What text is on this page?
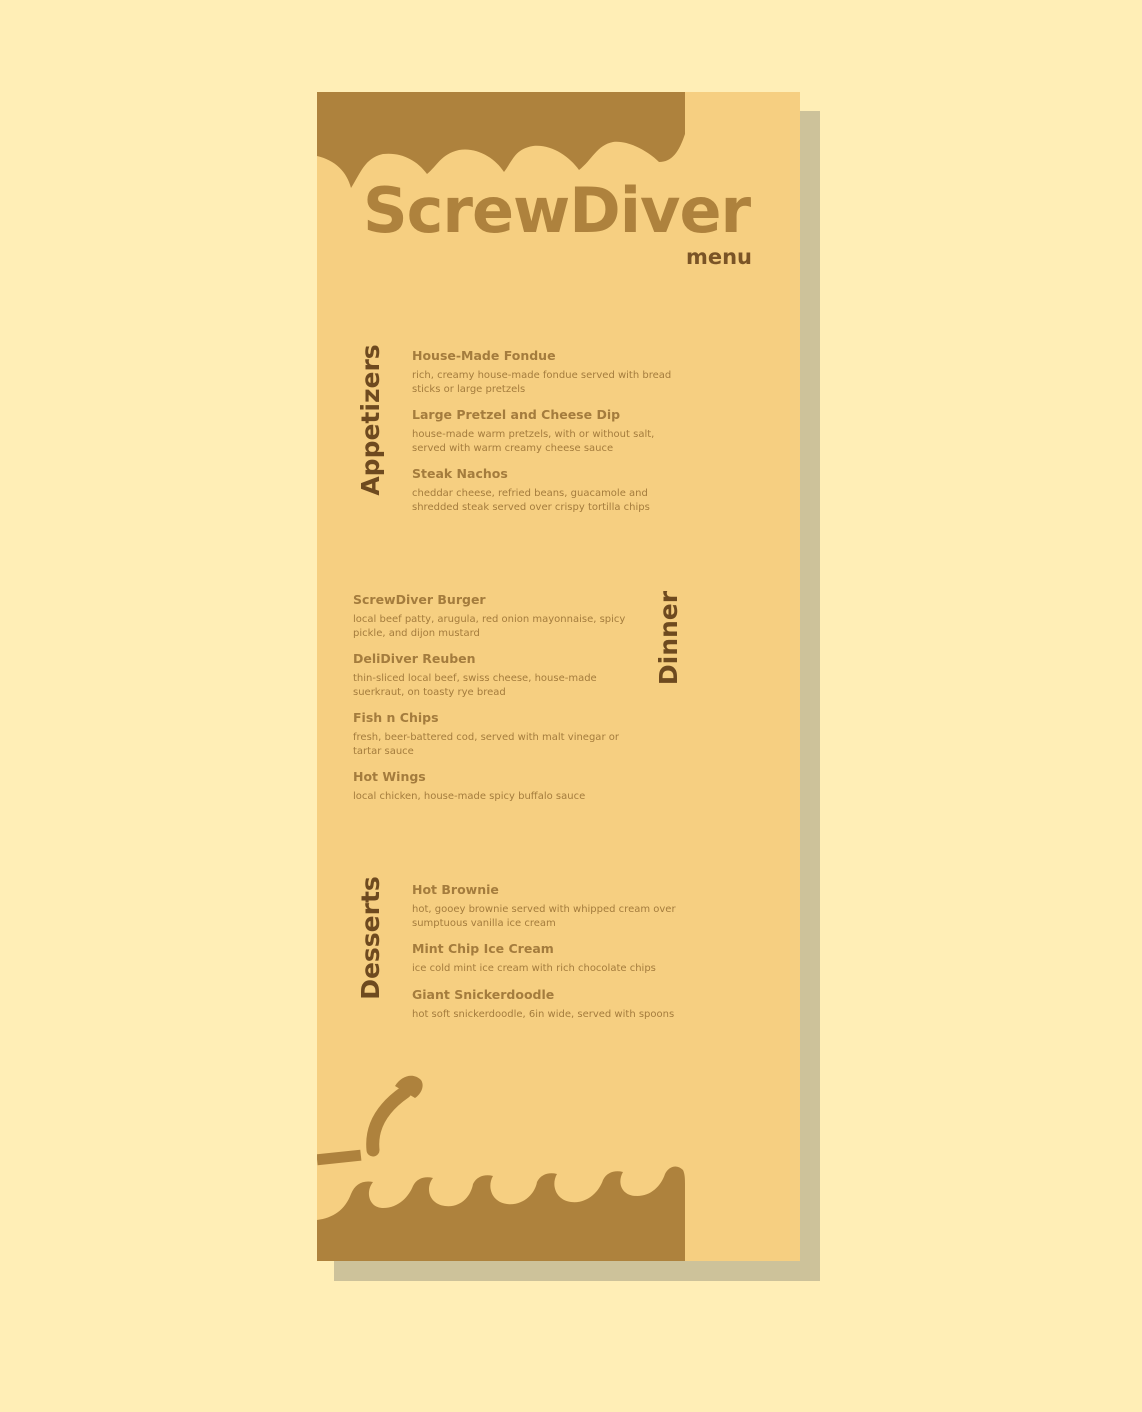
ScrewDiver
menu
Appetizers House-Made Fondue
rich, creamy house-made fondue served with bread sticks or large pretzels
Large Pretzel and Cheese Dip
house-made warm pretzels, with or without salt, served with warm creamy cheese sauce
Steak Nachos
cheddar cheese, refried beans, guacamole and shredded steak served over crispy tortilla chips
Dinner
ScrewDiver Burger
local beef patty, arugula, red onion mayonnaise, spicy pickle, and dijon mustard
DeliDiver Reuben
thin-sliced local beef, swiss cheese, house-made suerkraut, on toasty rye bread
Fish n Chips
fresh, beer-battered cod, served with malt vinegar or tartar sauce
Hot Wings
local chicken, house-made spicy buffalo sauce
Desserts Hot Brownie
hot, gooey brownie served with whipped cream over sumptuous vanilla ice cream
Mint Chip Ice Cream
ice cold mint ice cream with rich chocolate chips
Giant Snickerdoodle
hot soft snickerdoodle, 6in wide, served with spoons
